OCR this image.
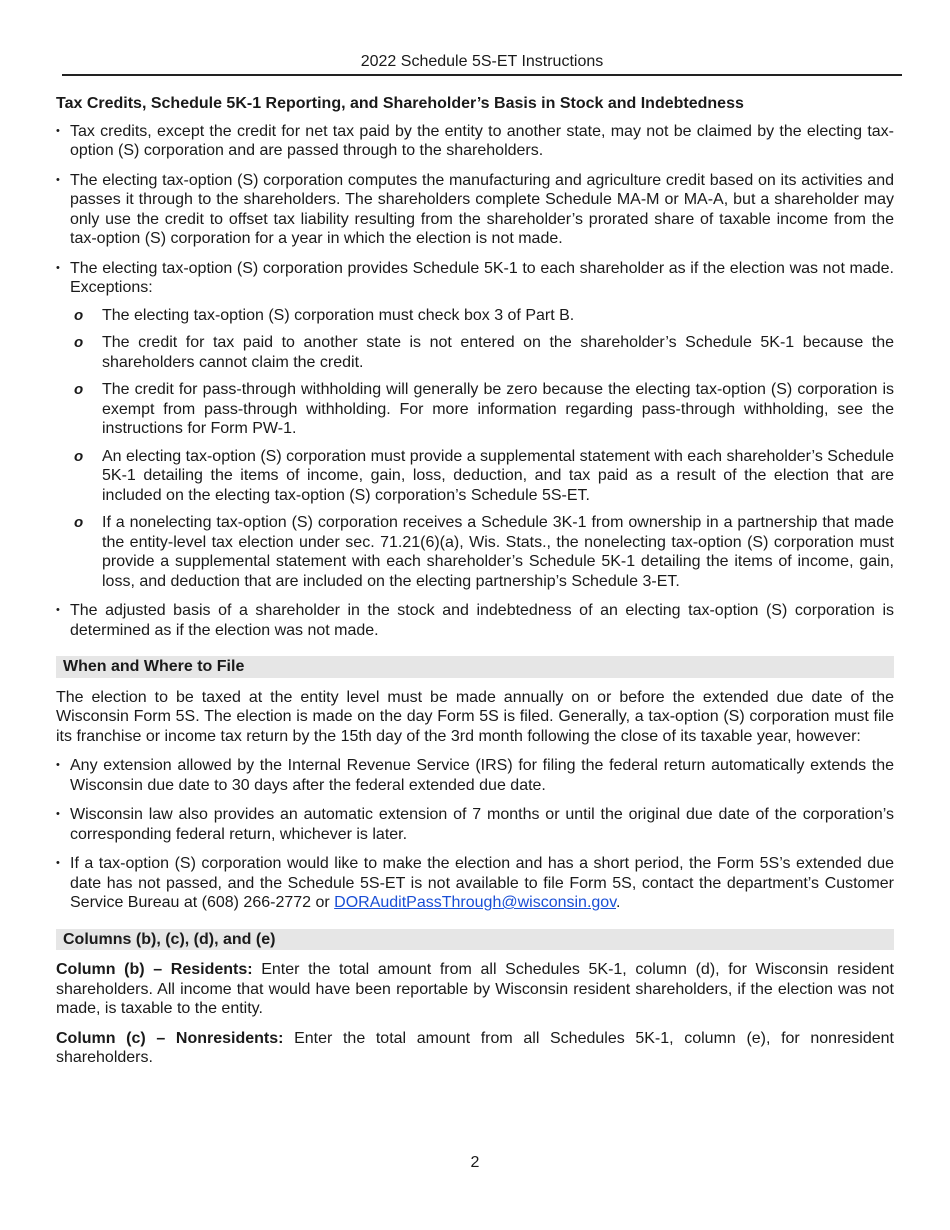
2022 Schedule 5S-ET Instructions
Tax Credits, Schedule 5K-1 Reporting, and Shareholder’s Basis in Stock and Indebtedness
• Tax credits, except the credit for net tax paid by the entity to another state, may not be claimed by the electing tax-option (S) corporation and are passed through to the shareholders.
• The electing tax-option (S) corporation computes the manufacturing and agriculture credit based on its activities and passes it through to the shareholders. The shareholders complete Schedule MA-M or MA-A, but a shareholder may only use the credit to offset tax liability resulting from the shareholder’s prorated share of taxable income from the tax-option (S) corporation for a year in which the election is not made.
• The electing tax-option (S) corporation provides Schedule 5K-1 to each shareholder as if the election was not made. Exceptions:
o The electing tax-option (S) corporation must check box 3 of Part B.
o The credit for tax paid to another state is not entered on the shareholder’s Schedule 5K-1 because the shareholders cannot claim the credit.
o The credit for pass-through withholding will generally be zero because the electing tax-option (S) corporation is exempt from pass-through withholding. For more information regarding pass-through withholding, see the instructions for Form PW-1.
o An electing tax-option (S) corporation must provide a supplemental statement with each shareholder’s Schedule 5K-1 detailing the items of income, gain, loss, deduction, and tax paid as a result of the election that are included on the electing tax-option (S) corporation’s Schedule 5S-ET.
o If a nonelecting tax-option (S) corporation receives a Schedule 3K-1 from ownership in a partnership that made the entity-level tax election under sec. 71.21(6)(a), Wis. Stats., the nonelecting tax-option (S) corporation must provide a supplemental statement with each shareholder’s Schedule 5K-1 detailing the items of income, gain, loss, and deduction that are included on the electing partnership’s Schedule 3-ET.
• The adjusted basis of a shareholder in the stock and indebtedness of an electing tax-option (S) corporation is determined as if the election was not made.
When and Where to File

The election to be taxed at the entity level must be made annually on or before the extended due date of the Wisconsin Form 5S. The election is made on the day Form 5S is filed. Generally, a tax-option (S) corporation must file its franchise or income tax return by the 15th day of the 3rd month following the close of its taxable year, however:

• Any extension allowed by the Internal Revenue Service (IRS) for filing the federal return automatically extends the Wisconsin due date to 30 days after the federal extended due date.
• Wisconsin law also provides an automatic extension of 7 months or until the original due date of the corporation’s corresponding federal return, whichever is later.
• If a tax-option (S) corporation would like to make the election and has a short period, the Form 5S’s extended due date has not passed, and the Schedule 5S-ET is not available to file Form 5S, contact the department’s Customer Service Bureau at (608) 266-2772 or DORAuditPassThrough@wisconsin.gov.
Columns (b), (c), (d), and (e)

Column (b) – Residents: Enter the total amount from all Schedules 5K-1, column (d), for Wisconsin resident shareholders. All income that would have been reportable by Wisconsin resident shareholders, if the election was not made, is taxable to the entity.

Column (c) – Nonresidents: Enter the total amount from all Schedules 5K-1, column (e), for nonresident shareholders.

2
